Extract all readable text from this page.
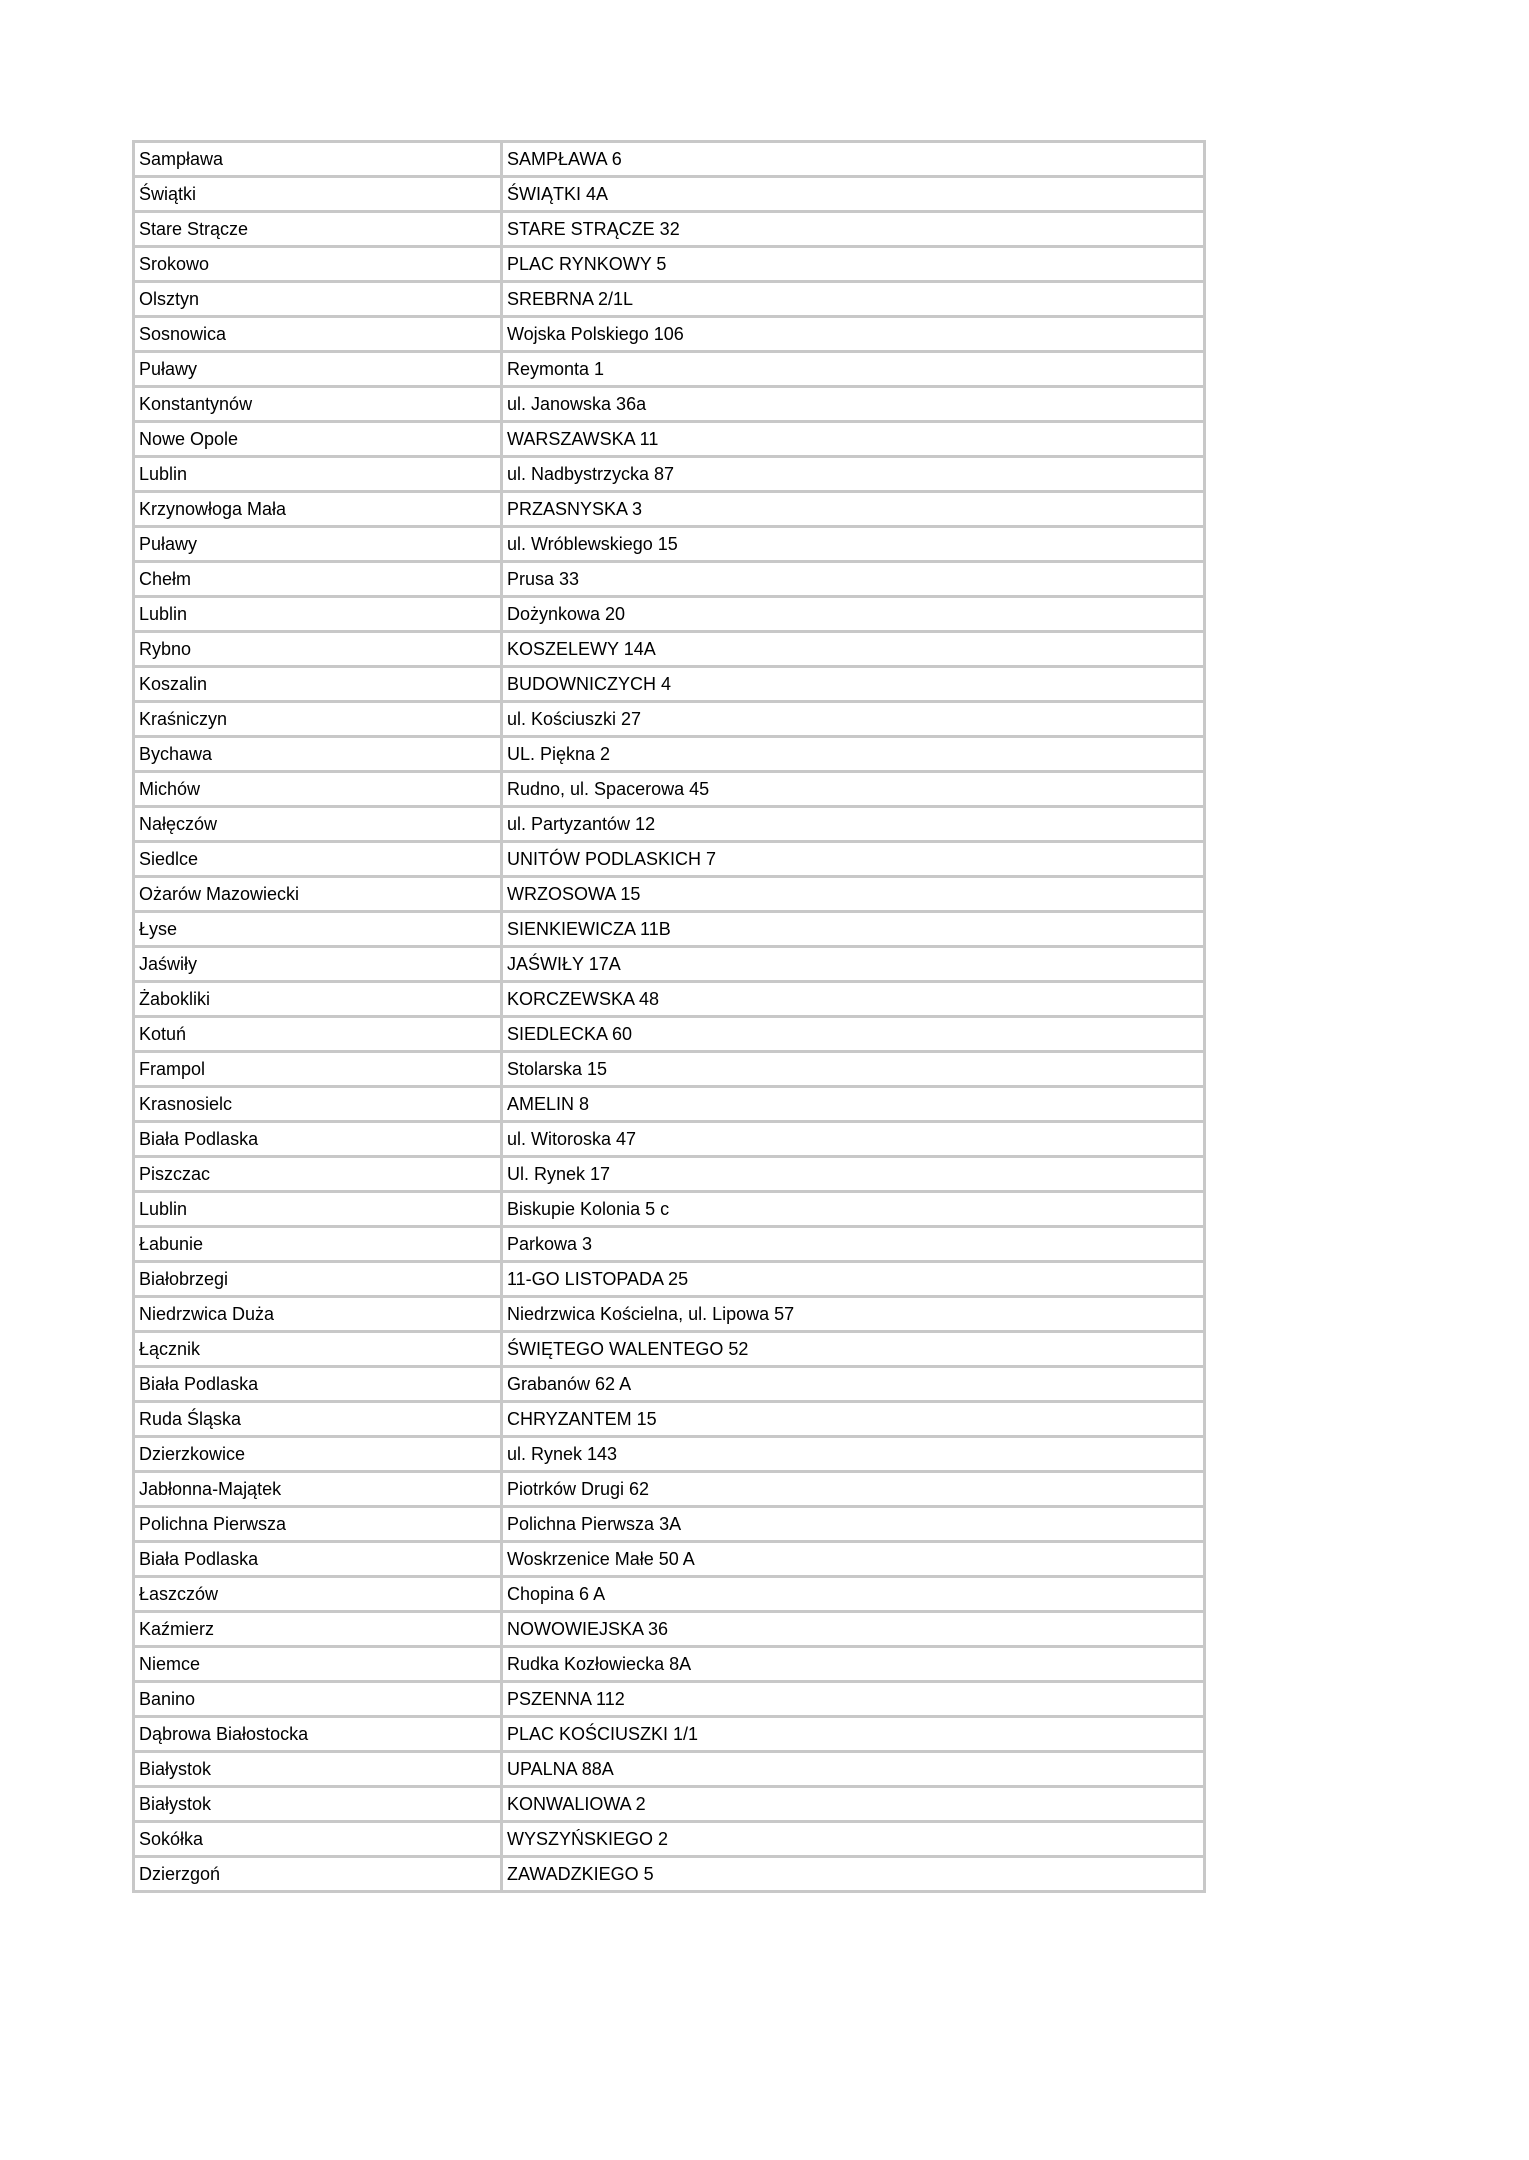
Sampława	SAMPŁAWA 6
Świątki	ŚWIĄTKI 4A
Stare Strącze	STARE STRĄCZE 32
Srokowo	PLAC RYNKOWY 5
Olsztyn	SREBRNA 2/1L
Sosnowica	Wojska Polskiego 106
Puławy	Reymonta 1
Konstantynów	ul. Janowska 36a
Nowe Opole	WARSZAWSKA 11
Lublin	ul. Nadbystrzycka 87
Krzynowłoga Mała	PRZASNYSKA 3
Puławy	ul. Wróblewskiego 15
Chełm	Prusa 33
Lublin	Dożynkowa 20
Rybno	KOSZELEWY 14A
Koszalin	BUDOWNICZYCH 4
Kraśniczyn	ul. Kościuszki 27
Bychawa	UL. Piękna 2
Michów	Rudno, ul. Spacerowa 45
Nałęczów	ul. Partyzantów 12
Siedlce	UNITÓW PODLASKICH 7
Ożarów Mazowiecki	WRZOSOWA 15
Łyse	SIENKIEWICZA 11B
Jaświły	JAŚWIŁY 17A
Żabokliki	KORCZEWSKA 48
Kotuń	SIEDLECKA 60
Frampol	Stolarska 15
Krasnosielc	AMELIN 8
Biała Podlaska	ul. Witoroska 47
Piszczac	Ul. Rynek 17
Lublin	Biskupie Kolonia 5 c
Łabunie	Parkowa 3
Białobrzegi	11-GO LISTOPADA 25
Niedrzwica Duża	Niedrzwica Kościelna, ul. Lipowa 57
Łącznik	ŚWIĘTEGO WALENTEGO 52
Biała Podlaska	Grabanów 62 A
Ruda Śląska	CHRYZANTEM 15
Dzierzkowice	ul. Rynek 143
Jabłonna-Majątek	Piotrków Drugi 62
Polichna Pierwsza	Polichna Pierwsza 3A
Biała Podlaska	Woskrzenice Małe 50 A
Łaszczów	Chopina 6 A
Kaźmierz	NOWOWIEJSKA 36
Niemce	Rudka Kozłowiecka 8A
Banino	PSZENNA 112
Dąbrowa Białostocka	PLAC KOŚCIUSZKI 1/1
Białystok	UPALNA 88A
Białystok	KONWALIOWA 2
Sokółka	WYSZYŃSKIEGO 2
Dzierzgoń	ZAWADZKIEGO 5
